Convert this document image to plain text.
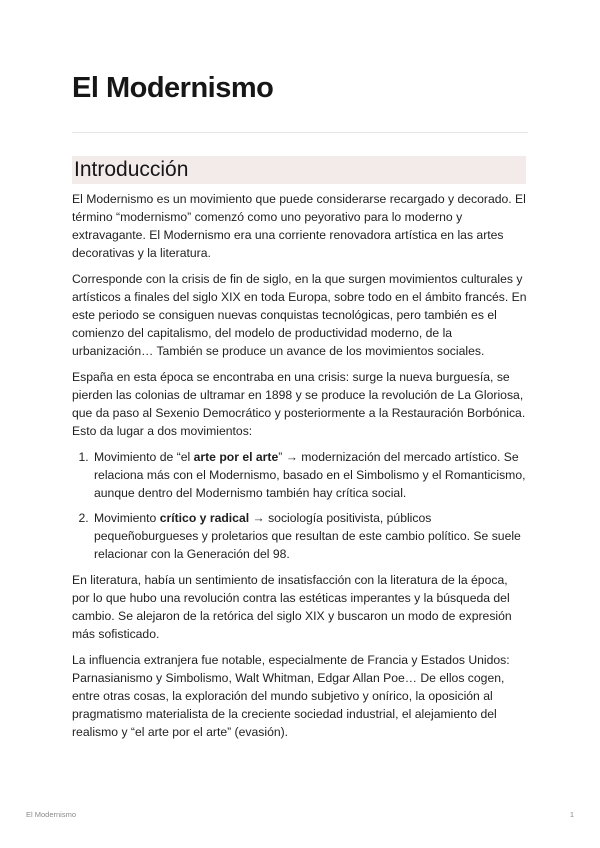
El Modernismo
Introducción

El Modernismo es un movimiento que puede considerarse recargado y decorado. El término “modernismo” comenzó como uno peyorativo para lo moderno y extravagante. El Modernismo era una corriente renovadora artística en las artes decorativas y la literatura.

Corresponde con la crisis de fin de siglo, en la que surgen movimientos culturales y artísticos a finales del siglo XIX en toda Europa, sobre todo en el ámbito francés. En este periodo se consiguen nuevas conquistas tecnológicas, pero también es el comienzo del capitalismo, del modelo de productividad moderno, de la urbanización… También se produce un avance de los movimientos sociales.

España en esta época se encontraba en una crisis: surge la nueva burguesía, se pierden las colonias de ultramar en 1898 y se produce la revolución de La Gloriosa, que da paso al Sexenio Democrático y posteriormente a la Restauración Borbónica. Esto da lugar a dos movimientos:

1. Movimiento de “el arte por el arte” → modernización del mercado artístico. Se relaciona más con el Modernismo, basado en el Simbolismo y el Romanticismo, aunque dentro del Modernismo también hay crítica social.
2. Movimiento crítico y radical → sociología positivista, públicos pequeñoburgueses y proletarios que resultan de este cambio político. Se suele relacionar con la Generación del 98.

En literatura, había un sentimiento de insatisfacción con la literatura de la época, por lo que hubo una revolución contra las estéticas imperantes y la búsqueda del cambio. Se alejaron de la retórica del siglo XIX y buscaron un modo de expresión más sofisticado.

La influencia extranjera fue notable, especialmente de Francia y Estados Unidos: Parnasianismo y Simbolismo, Walt Whitman, Edgar Allan Poe… De ellos cogen, entre otras cosas, la exploración del mundo subjetivo y onírico, la oposición al pragmatismo materialista de la creciente sociedad industrial, el alejamiento del realismo y “el arte por el arte” (evasión).

El Modernismo	1
